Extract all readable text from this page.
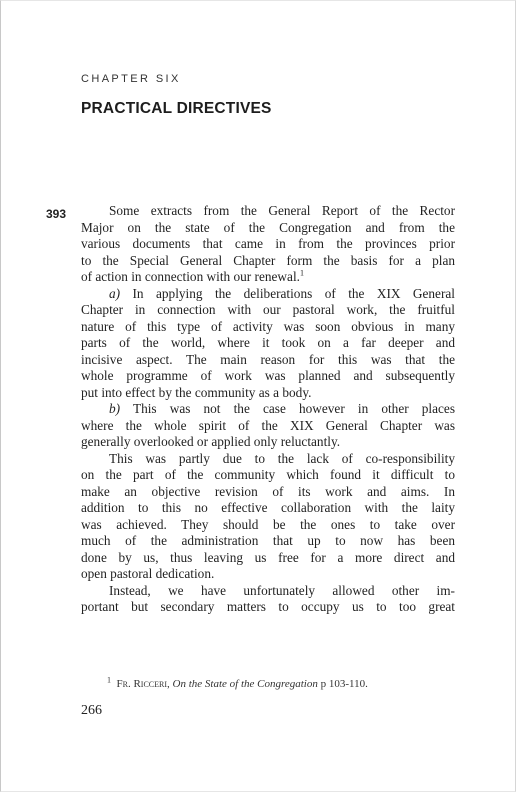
CHAPTER SIX
PRACTICAL DIRECTIVES
393	Some extracts from the General Report of the Rector
Major on the state of the Congregation and from the
various documents that came in from the provinces prior
to the Special General Chapter form the basis for a plan
of action in connection with our renewal.$^1$
a) In applying the deliberations of the XIX General
Chapter in connection with our pastoral work, the fruitful
nature of this type of activity was soon obvious in many
parts of the world, where it took on a far deeper and
incisive aspect. The main reason for this was that the
whole programme of work was planned and subsequently
put into effect by the community as a body.
b) This was not the case however in other places
where the whole spirit of the XIX General Chapter was
generally overlooked or applied only reluctantly.
This was partly due to the lack of co-responsibility
on the part of the community which found it difficult to
make an objective revision of its work and aims. In
addition to this no effective collaboration with the laity
was achieved. They should be the ones to take over
much of the administration that up to now has been
done by us, thus leaving us free for a more direct and
open pastoral dedication.
Instead, we have unfortunately allowed other im-
portant but secondary matters to occupy us to too great
$^1$ Fr. Ricceri, On the State of the Congregation p 103-110.
266
